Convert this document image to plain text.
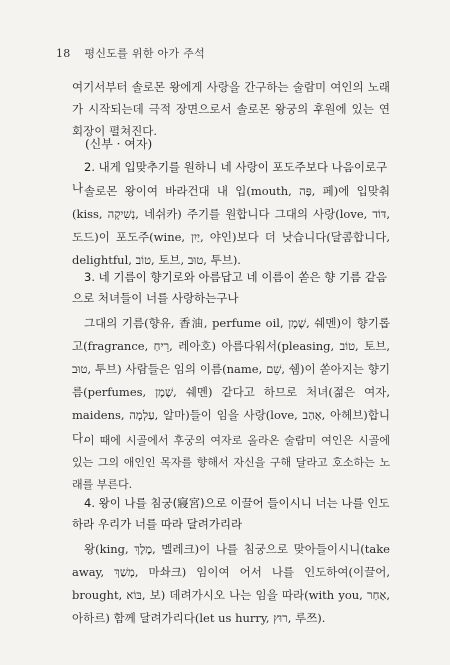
18 평신도를 위한 아가 주석
여기서부터 솔로몬 왕에게 사랑을 간구하는 술람미 여인의 노래가 시작되는데 극적 장면으로서 솔로몬 왕궁의 후원에 있는 연회장이 펼쳐진다.
(신부 · 여자)
2. 내게 입맞추기를 원하니 네 사랑이 포도주보다 나음이로구나 솔로몬 왕이여 바라건대 내 입(mouth, פֶּה, 페)에 입맞춰(kiss, נְשִׁיקָה, 네쉬카) 주기를 원합니다 그대의 사랑(love, דּוֹד, 도드)이 포도주(wine, יַיִן, 야인)보다 더 낫습니다(달콤합니다, delightful, טוֹב, 토브, טוּב, 투브).

3. 네 기름이 향기로와 아름답고 네 이름이 쏟은 향 기름 같음으로 처녀들이 너를 사랑하는구나

그대의 기름(향유, 香油, perfume oil, שֶׁמֶן, 쉐멘)이 향기롭고(fragrance, רֵיחַ, 레아호) 아름다워서(pleasing, טוֹב, 토브, טוּב, 투브) 사람들은 임의 이름(name, שֵׁם, 쉠)이 쏟아지는 향기름(perfumes, שֶׁמֶן, 쉐멘) 같다고 하므로 처녀(젊은 여자, maidens, עַלְמָה, 알마)들이 임을 사랑(love, אָהַב, 아헤브)합니다.

이 때에 시골에서 후궁의 여자로 올라온 술람미 여인은 시골에 있는 그의 애인인 목자를 향해서 자신을 구해 달라고 호소하는 노래를 부른다.

4. 왕이 나를 침궁(寢宮)으로 이끌어 들이시니 너는 나를 인도하라 우리가 너를 따라 달려가리라

왕(king, מֶלֶךְ, 멜레크)이 나를 침궁으로 맞아들이시니(take away, מָשַׁךְ, 마솨크) 임이여 어서 나를 인도하여(이끌어, brought, בּוֹא, 보) 데려가시오 나는 임을 따라(with you, אַחַר, 아하르) 함께 달려가리다(let us hurry, רוּץ, 루쯔).
